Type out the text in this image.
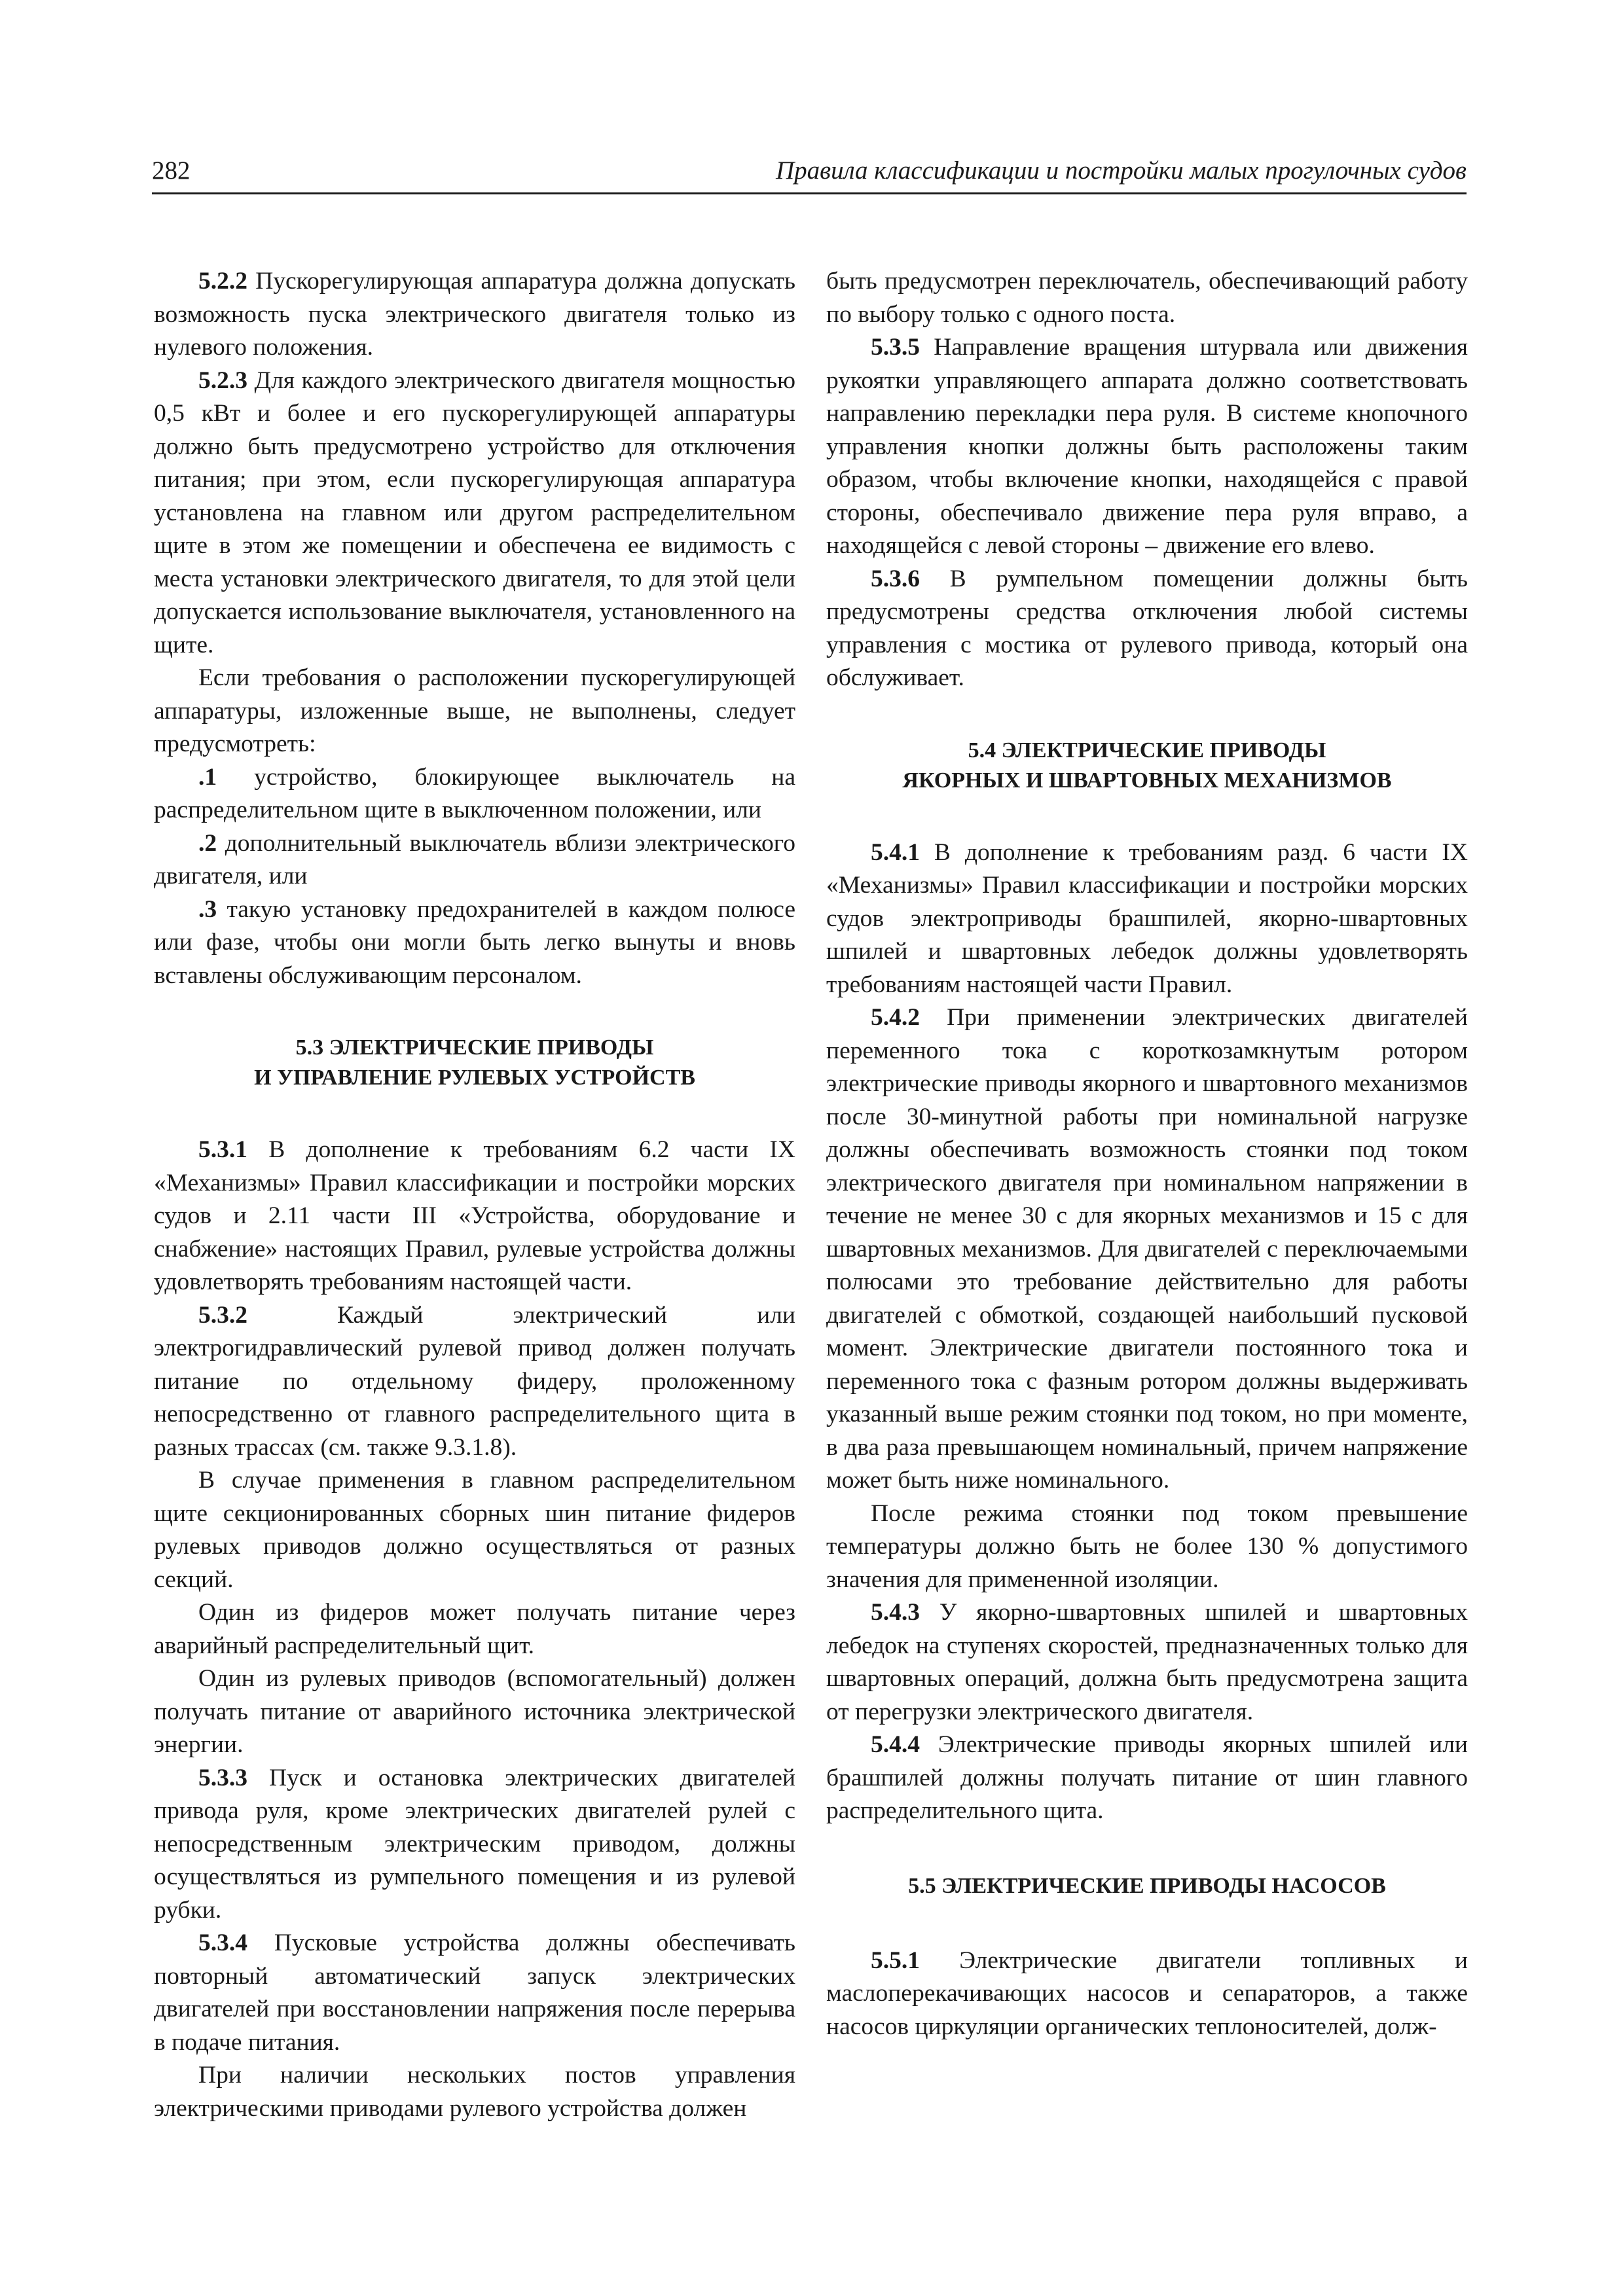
282	Правила классификации и постройки малых прогулочных судов

5.2.2 Пускорегулирующая аппаратура должна допускать возможность пуска электрического двигателя только из нулевого положения.

5.2.3 Для каждого электрического двигателя мощностью 0,5 кВт и более и его пускорегулирующей аппаратуры должно быть предусмотрено устройство для отключения питания; при этом, если пускорегулирующая аппаратура установлена на главном или другом распределительном щите в этом же помещении и обеспечена ее видимость с места установки электрического двигателя, то для этой цели допускается использование выключателя, установленного на щите.

Если требования о расположении пускорегулирующей аппаратуры, изложенные выше, не выполнены, следует предусмотреть:

.1 устройство, блокирующее выключатель на распределительном щите в выключенном положении, или

.2 дополнительный выключатель вблизи электрического двигателя, или

.3 такую установку предохранителей в каждом полюсе или фазе, чтобы они могли быть легко вынуты и вновь вставлены обслуживающим персоналом.

5.3 ЭЛЕКТРИЧЕСКИЕ ПРИВОДЫ
И УПРАВЛЕНИЕ РУЛЕВЫХ УСТРОЙСТВ

5.3.1 В дополнение к требованиям 6.2 части IX «Механизмы» Правил классификации и постройки морских судов и 2.11 части III «Устройства, оборудование и снабжение» настоящих Правил, рулевые устройства должны удовлетворять требованиям настоящей части.

5.3.2 Каждый электрический или электрогидравлический рулевой привод должен получать питание по отдельному фидеру, проложенному непосредственно от главного распределительного щита в разных трассах (см. также 9.3.1.8).

В случае применения в главном распределительном щите секционированных сборных шин питание фидеров рулевых приводов должно осуществляться от разных секций.

Один из фидеров может получать питание через аварийный распределительный щит.

Один из рулевых приводов (вспомогательный) должен получать питание от аварийного источника электрической энергии.

5.3.3 Пуск и остановка электрических двигателей привода руля, кроме электрических двигателей рулей с непосредственным электрическим приводом, должны осуществляться из румпельного помещения и из рулевой рубки.

5.3.4 Пусковые устройства должны обеспечивать повторный автоматический запуск электрических двигателей при восстановлении напряжения после перерыва в подаче питания.

При наличии нескольких постов управления электрическими приводами рулевого устройства должен

быть предусмотрен переключатель, обеспечивающий работу по выбору только с одного поста.

5.3.5 Направление вращения штурвала или движения рукоятки управляющего аппарата должно соответствовать направлению перекладки пера руля. В системе кнопочного управления кнопки должны быть расположены таким образом, чтобы включение кнопки, находящейся с правой стороны, обеспечивало движение пера руля вправо, а находящейся с левой стороны – движение его влево.

5.3.6 В румпельном помещении должны быть предусмотрены средства отключения любой системы управления с мостика от рулевого привода, который она обслуживает.

5.4 ЭЛЕКТРИЧЕСКИЕ ПРИВОДЫ
ЯКОРНЫХ И ШВАРТОВНЫХ МЕХАНИЗМОВ

5.4.1 В дополнение к требованиям разд. 6 части IX «Механизмы» Правил классификации и постройки морских судов электроприводы брашпилей, якорно-швартовных шпилей и швартовных лебедок должны удовлетворять требованиям настоящей части Правил.

5.4.2 При применении электрических двигателей переменного тока с короткозамкнутым ротором электрические приводы якорного и швартовного механизмов после 30-минутной работы при номинальной нагрузке должны обеспечивать возможность стоянки под током электрического двигателя при номинальном напряжении в течение не менее 30 с для якорных механизмов и 15 с для швартовных механизмов. Для двигателей с переключаемыми полюсами это требование действительно для работы двигателей с обмоткой, создающей наибольший пусковой момент. Электрические двигатели постоянного тока и переменного тока с фазным ротором должны выдерживать указанный выше режим стоянки под током, но при моменте, в два раза превышающем номинальный, причем напряжение может быть ниже номинального.

После режима стоянки под током превышение температуры должно быть не более 130 % допустимого значения для примененной изоляции.

5.4.3 У якорно-швартовных шпилей и швартовных лебедок на ступенях скоростей, предназначенных только для швартовных операций, должна быть предусмотрена защита от перегрузки электрического двигателя.

5.4.4 Электрические приводы якорных шпилей или брашпилей должны получать питание от шин главного распределительного щита.

5.5 ЭЛЕКТРИЧЕСКИЕ ПРИВОДЫ НАСОСОВ

5.5.1 Электрические двигатели топливных и маслоперекачивающих насосов и сепараторов, а также насосов циркуляции органических теплоносителей, долж-
